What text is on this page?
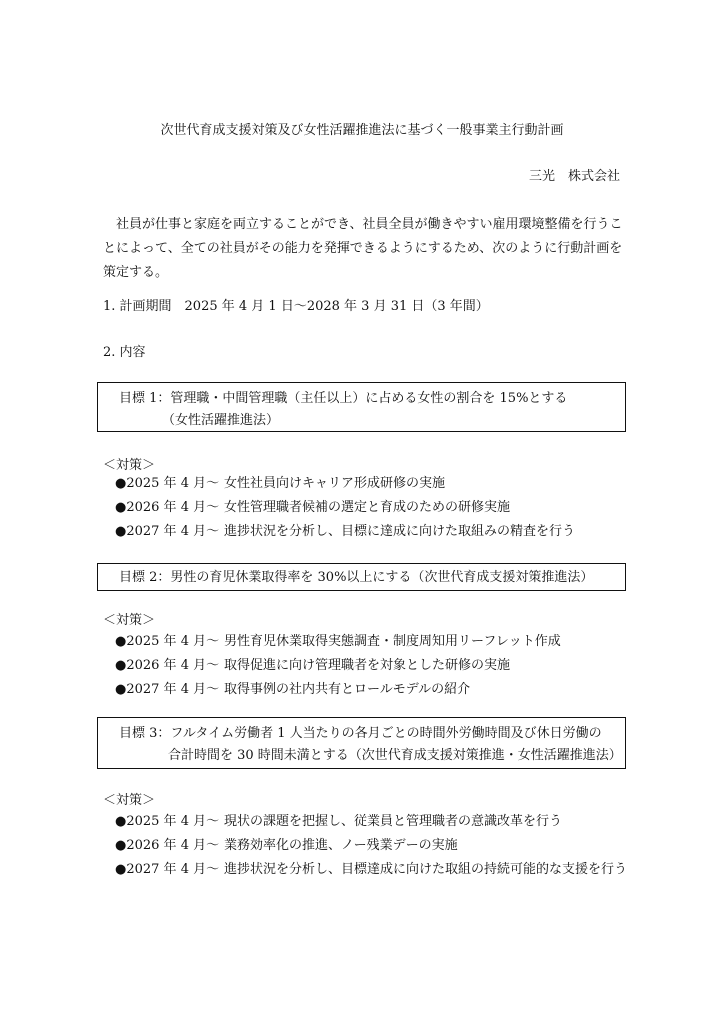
次世代育成支援対策及び女性活躍推進法に基づく一般事業主行動計画
三光　株式会社

　社員が仕事と家庭を両立することができ、社員全員が働きやすい雇用環境整備を行うこ

とによって、全ての社員がその能力を発揮できるようにするため、次のように行動計画を

策定する。

1. 計画期間　2025 年 4 月 1 日～2028 年 3 月 31 日（3 年間）
2. 内容
目標 1：管理職・中間管理職（主任以上）に占める女性の割合を 15%とする
（女性活躍推進法）
＜対策＞
●2025 年 4 月～ 女性社員向けキャリア形成研修の実施
●2026 年 4 月～ 女性管理職者候補の選定と育成のための研修実施
●2027 年 4 月～ 進捗状況を分析し、目標に達成に向けた取組みの精査を行う
目標 2：男性の育児休業取得率を 30%以上にする（次世代育成支援対策推進法）
＜対策＞
●2025 年 4 月～ 男性育児休業取得実態調査・制度周知用リーフレット作成
●2026 年 4 月～ 取得促進に向け管理職者を対象とした研修の実施
●2027 年 4 月～ 取得事例の社内共有とロールモデルの紹介
目標 3：フルタイム労働者 1 人当たりの各月ごとの時間外労働時間及び休日労働の
合計時間を 30 時間未満とする（次世代育成支援対策推進・女性活躍推進法）
＜対策＞
●2025 年 4 月～ 現状の課題を把握し、従業員と管理職者の意識改革を行う
●2026 年 4 月～ 業務効率化の推進、ノー残業デーの実施
●2027 年 4 月～ 進捗状況を分析し、目標達成に向けた取組の持続可能的な支援を行う
